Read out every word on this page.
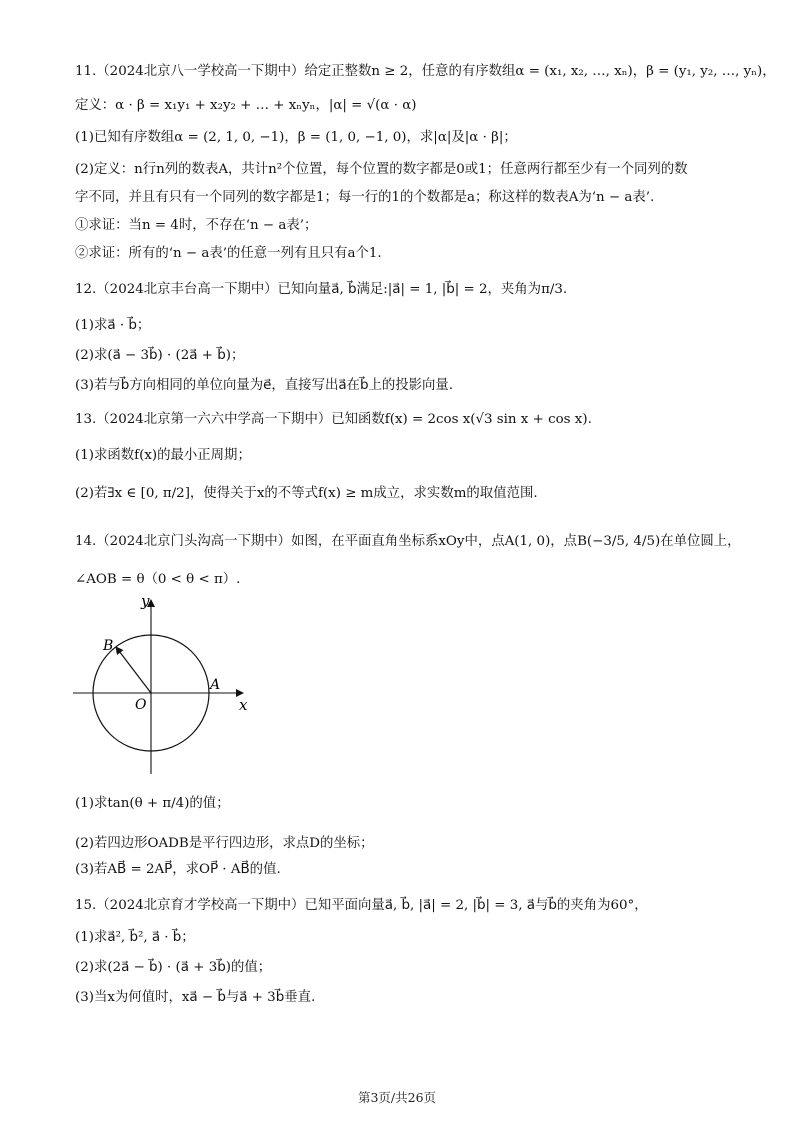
11.（2024北京八一学校高一下期中）给定正整数n ≥ 2，任意的有序数组α = (x₁, x₂, …, xₙ)，β = (y₁, y₂, …, yₙ)，
定义：α · β = x₁y₁ + x₂y₂ + … + xₙyₙ，|α| = √(α · α)
(1)已知有序数组α = (2, 1, 0, −1)，β = (1, 0, −1, 0)，求|α|及|α · β|；
(2)定义：n行n列的数表A，共计n²个位置，每个位置的数字都是0或1；任意两行都至少有一个同列的数
字不同，并且有只有一个同列的数字都是1；每一行的1的个数都是a；称这样的数表A为‘n − a表’.
①求证：当n = 4时，不存在‘n − a表’；
②求证：所有的‘n − a表’的任意一列有且只有a个1.
12.（2024北京丰台高一下期中）已知向量a⃗, b⃗满足:|a⃗| = 1, |b⃗| = 2，夹角为π/3.
(1)求a⃗ · b⃗；
(2)求(a⃗ − 3b⃗) · (2a⃗ + b⃗)；
(3)若与b⃗方向相同的单位向量为e⃗，直接写出a⃗在b⃗上的投影向量.
13.（2024北京第一六六中学高一下期中）已知函数f(x) = 2cos x(√3 sin x + cos x).
(1)求函数f(x)的最小正周期；
(2)若∃x ∈ [0, π/2]，使得关于x的不等式f(x) ≥ m成立，求实数m的取值范围.
14.（2024北京门头沟高一下期中）如图，在平面直角坐标系xOy中，点A(1, 0)，点B(−3/5, 4/5)在单位圆上，
∠AOB = θ（0 < θ < π）.
x
y
O
A
B
(1)求tan(θ + π/4)的值；
(2)若四边形OADB是平行四边形，求点D的坐标；
(3)若AB⃗ = 2AP⃗，求OP⃗ · AB⃗的值.
15.（2024北京育才学校高一下期中）已知平面向量a⃗, b⃗, |a⃗| = 2, |b⃗| = 3, a⃗与b⃗的夹角为60°，
(1)求a⃗², b⃗², a⃗ · b⃗；
(2)求(2a⃗ − b⃗) · (a⃗ + 3b⃗)的值；
(3)当x为何值时，xa⃗ − b⃗与a⃗ + 3b⃗垂直.
第3页/共26页
